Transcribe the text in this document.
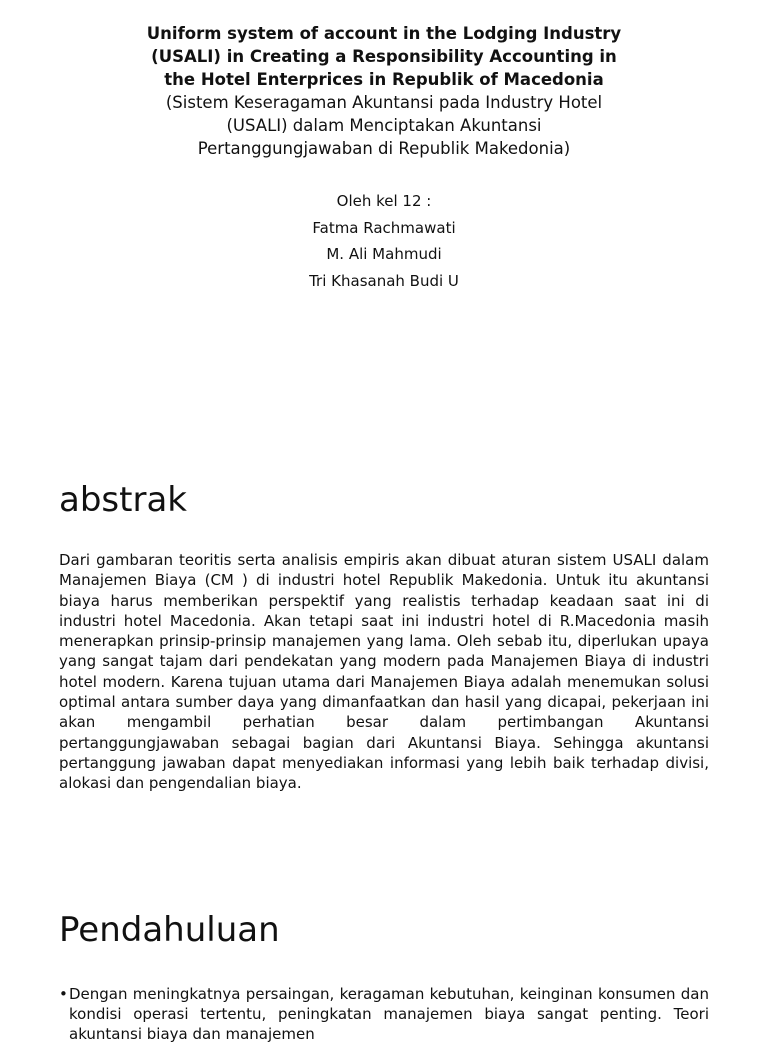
Uniform system of account in the Lodging Industry
(USALI) in Creating a Responsibility Accounting in
the Hotel Enterprices in Republik of Macedonia

(Sistem Keseragaman Akuntansi pada Industry Hotel
(USALI) dalam Menciptakan Akuntansi
Pertanggungjawaban di Republik Makedonia)

Oleh kel 12 :
Fatma Rachmawati
M. Ali Mahmudi
Tri Khasanah Budi U
abstrak

Dari gambaran teoritis serta analisis empiris akan dibuat aturan sistem USALI dalam Manajemen Biaya (CM ) di industri hotel Republik Makedonia. Untuk itu akuntansi biaya harus memberikan perspektif yang realistis terhadap keadaan saat ini di industri hotel Macedonia. Akan tetapi saat ini industri hotel di R.Macedonia masih menerapkan prinsip-prinsip manajemen yang lama. Oleh sebab itu, diperlukan upaya yang sangat tajam dari pendekatan yang modern pada Manajemen Biaya di industri hotel modern. Karena tujuan utama dari Manajemen Biaya adalah menemukan solusi optimal antara sumber daya yang dimanfaatkan dan hasil yang dicapai, pekerjaan ini akan mengambil perhatian besar dalam pertimbangan Akuntansi pertanggungjawaban sebagai bagian dari Akuntansi Biaya. Sehingga akuntansi pertanggung jawaban dapat menyediakan informasi yang lebih baik terhadap divisi, alokasi dan pengendalian biaya.

Pendahuluan
• Dengan meningkatnya persaingan, keragaman kebutuhan, keinginan konsumen dan kondisi operasi tertentu, peningkatan manajemen biaya sangat penting. Teori akuntansi biaya dan manajemen
